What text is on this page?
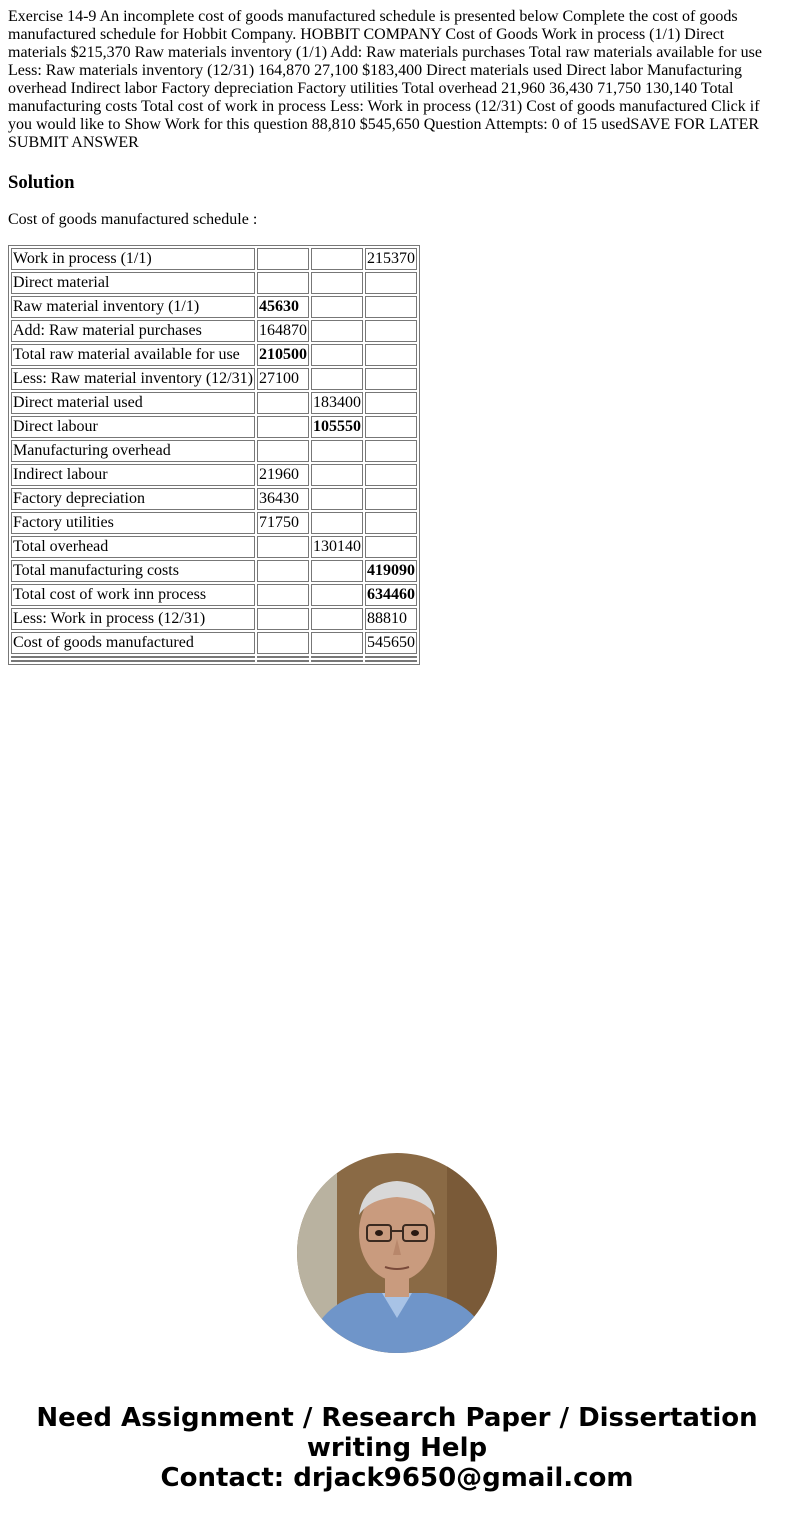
Exercise 14-9 An incomplete cost of goods manufactured schedule is presented below Complete the cost of goods manufactured schedule for Hobbit Company. HOBBIT COMPANY Cost of Goods Work in process (1/1) Direct materials $215,370 Raw materials inventory (1/1) Add: Raw materials purchases Total raw materials available for use Less: Raw materials inventory (12/31) 164,870 27,100 $183,400 Direct materials used Direct labor Manufacturing overhead Indirect labor Factory depreciation Factory utilities Total overhead 21,960 36,430 71,750 130,140 Total manufacturing costs Total cost of work in process Less: Work in process (12/31) Cost of goods manufactured Click if you would like to Show Work for this question 88,810 $545,650 Question Attempts: 0 of 15 usedSAVE FOR LATER SUBMIT ANSWER

Solution

Cost of goods manufactured schedule :

Work in process (1/1)			215370
Direct material			
Raw material inventory (1/1)	45630		
Add: Raw material purchases	164870		
Total raw material available for use	210500		
Less: Raw material inventory (12/31)	27100		
Direct material used		183400	
Direct labour		105550	
Manufacturing overhead			
Indirect labour	21960		
Factory depreciation	36430		
Factory utilities	71750		
Total overhead		130140	
Total manufacturing costs			419090
Total cost of work inn process			634460
Less: Work in process (12/31)			88810
Cost of goods manufactured			545650

Need Assignment / Research Paper / Dissertation
writing Help
Contact: drjack9650@gmail.com
